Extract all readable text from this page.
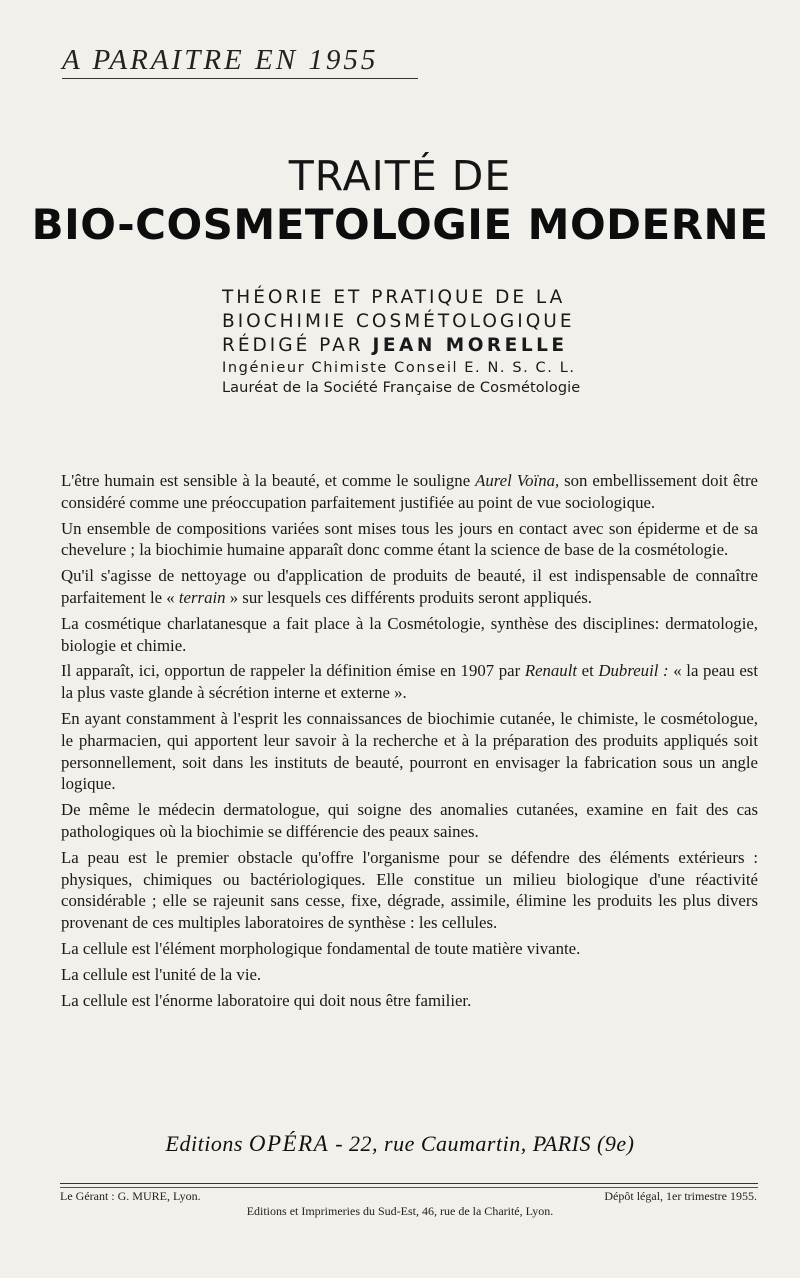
A PARAITRE EN 1955
TRAITÉ DE
BIO-COSMETOLOGIE MODERNE
THÉORIE ET PRATIQUE DE LA
BIOCHIMIE COSMÉTOLOGIQUE
RÉDIGÉ PAR JEAN MORELLE
Ingénieur Chimiste Conseil E. N. S. C. L.
Lauréat de la Société Française de Cosmétologie

L'être humain est sensible à la beauté, et comme le souligne Aurel Voïna, son embellissement doit être considéré comme une préoccupation parfaitement justifiée au point de vue sociologique.

Un ensemble de compositions variées sont mises tous les jours en contact avec son épiderme et de sa chevelure ; la biochimie humaine apparaît donc comme étant la science de base de la cosmétologie.

Qu'il s'agisse de nettoyage ou d'application de produits de beauté, il est indispensable de connaître parfaitement le « terrain » sur lesquels ces différents produits seront appliqués.

La cosmétique charlatanesque a fait place à la Cosmétologie, synthèse des disciplines: dermatologie, biologie et chimie.

Il apparaît, ici, opportun de rappeler la définition émise en 1907 par Renault et Dubreuil : « la peau est la plus vaste glande à sécrétion interne et externe ».

En ayant constamment à l'esprit les connaissances de biochimie cutanée, le chimiste, le cosmétologue, le pharmacien, qui apportent leur savoir à la recherche et à la préparation des produits appliqués soit personnellement, soit dans les instituts de beauté, pourront en envisager la fabrication sous un angle logique.

De même le médecin dermatologue, qui soigne des anomalies cutanées, examine en fait des cas pathologiques où la biochimie se différencie des peaux saines.

La peau est le premier obstacle qu'offre l'organisme pour se défendre des éléments extérieurs : physiques, chimiques ou bactériologiques. Elle constitue un milieu biologique d'une réactivité considérable ; elle se rajeunit sans cesse, fixe, dégrade, assimile, élimine les produits les plus divers provenant de ces multiples laboratoires de synthèse : les cellules.

La cellule est l'élément morphologique fondamental de toute matière vivante.

La cellule est l'unité de la vie.

La cellule est l'énorme laboratoire qui doit nous être familier.

Editions OPÉRA - 22, rue Caumartin, PARIS (9e)
Le Gérant : G. MURE, Lyon.	Dépôt légal, 1er trimestre 1955.
Editions et Imprimeries du Sud-Est, 46, rue de la Charité, Lyon.
